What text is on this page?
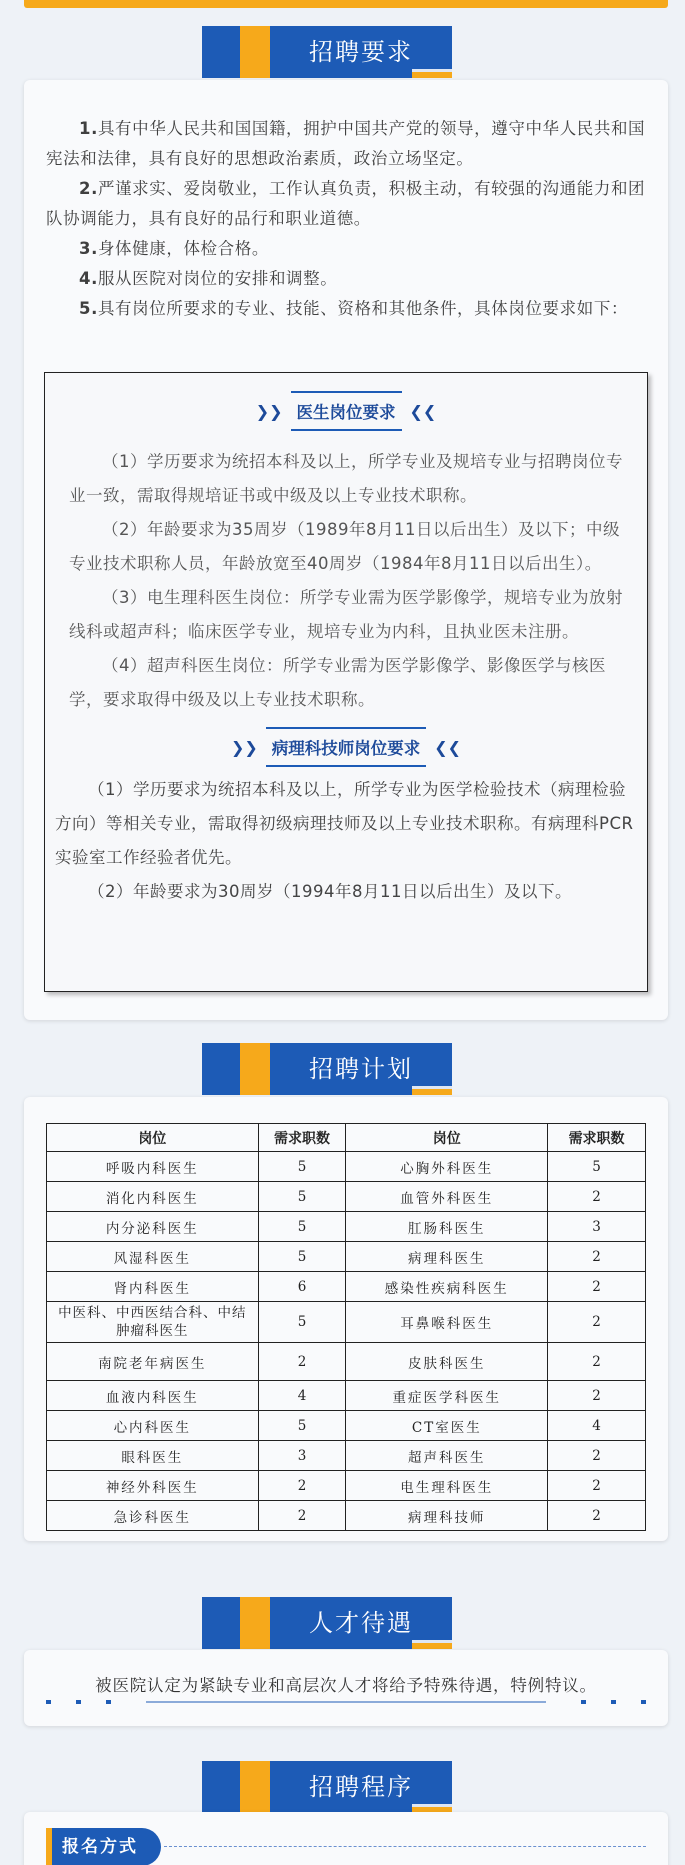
招聘要求

1.具有中华人民共和国国籍，拥护中国共产党的领导，遵守中华人民共和国宪法和法律，具有良好的思想政治素质，政治立场坚定。

2.严谨求实、爱岗敬业，工作认真负责，积极主动，有较强的沟通能力和团队协调能力，具有良好的品行和职业道德。

3.身体健康，体检合格。

4.服从医院对岗位的安排和调整。

5.具有岗位所要求的专业、技能、资格和其他条件，具体岗位要求如下：

❯❯ 医生岗位要求 ❮❮

（1）学历要求为统招本科及以上，所学专业及规培专业与招聘岗位专业一致，需取得规培证书或中级及以上专业技术职称。

（2）年龄要求为35周岁（1989年8月11日以后出生）及以下；中级专业技术职称人员，年龄放宽至40周岁（1984年8月11日以后出生）。

（3）电生理科医生岗位：所学专业需为医学影像学，规培专业为放射线科或超声科；临床医学专业，规培专业为内科，且执业医未注册。

（4）超声科医生岗位：所学专业需为医学影像学、影像医学与核医学，要求取得中级及以上专业技术职称。

❯❯ 病理科技师岗位要求 ❮❮

（1）学历要求为统招本科及以上，所学专业为医学检验技术（病理检验方向）等相关专业，需取得初级病理技师及以上专业技术职称。有病理科PCR实验室工作经验者优先。

（2）年龄要求为30周岁（1994年8月11日以后出生）及以下。

招聘计划
岗位	需求职数	岗位	需求职数
呼吸内科医生	5	心胸外科医生	5
消化内科医生	5	血管外科医生	2
内分泌科医生	5	肛肠科医生	3
风湿科医生	5	病理科医生	2
肾内科医生	6	感染性疾病科医生	2
中医科、中西医结合科、中结肿瘤科医生	5	耳鼻喉科医生	2
南院老年病医生	2	皮肤科医生	2
血液内科医生	4	重症医学科医生	2
心内科医生	5	CT室医生	4
眼科医生	3	超声科医生	2
神经外科医生	2	电生理科医生	2
急诊科医生	2	病理科技师	2
人才待遇
被医院认定为紧缺专业和高层次人才将给予特殊待遇，特例特议。
招聘程序
报名方式
